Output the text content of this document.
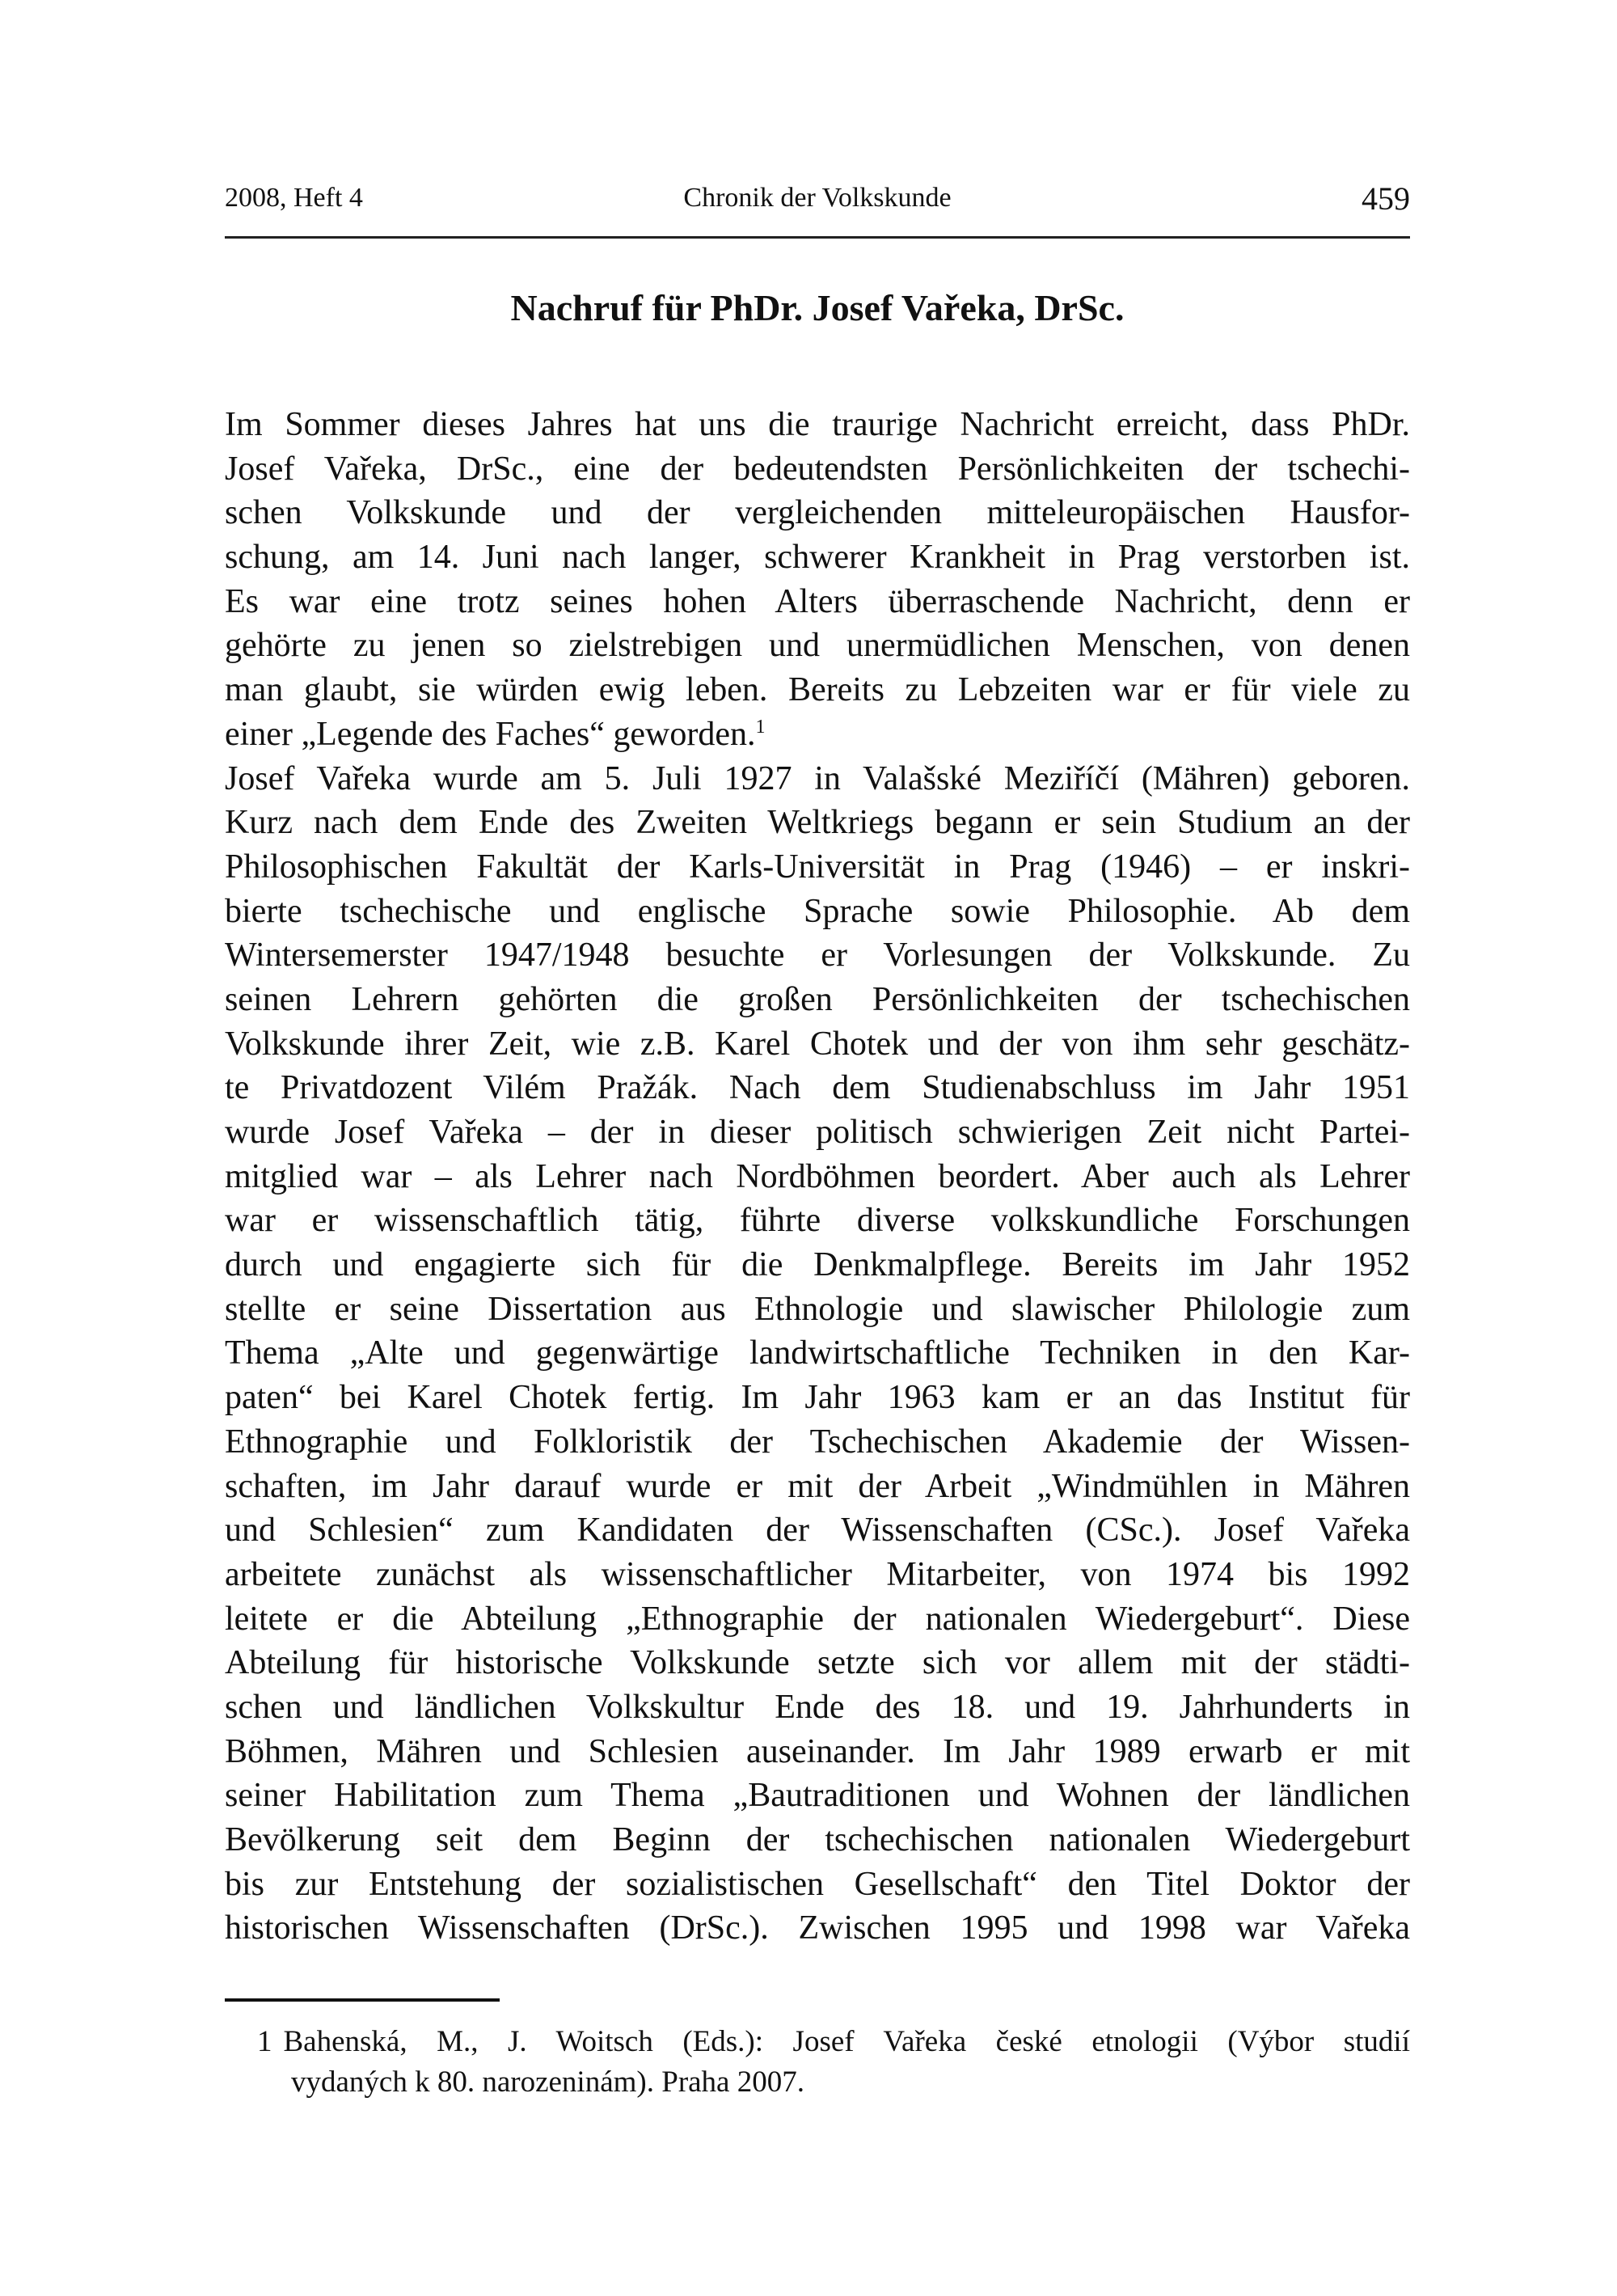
2008, Heft 4	Chronik der Volkskunde	459
Nachruf für PhDr. Josef Vařeka, DrSc.
Im Sommer dieses Jahres hat uns die traurige Nachricht erreicht, dass PhDr.
Josef Vařeka, DrSc., eine der bedeutendsten Persönlichkeiten der tschechi-
schen Volkskunde und der vergleichenden mitteleuropäischen Hausfor-
schung, am 14. Juni nach langer, schwerer Krankheit in Prag verstorben ist.
Es war eine trotz seines hohen Alters überraschende Nachricht, denn er
gehörte zu jenen so zielstrebigen und unermüdlichen Menschen, von denen
man glaubt, sie würden ewig leben. Bereits zu Lebzeiten war er für viele zu
einer „Legende des Faches“ geworden.$^1$
Josef Vařeka wurde am 5. Juli 1927 in Valašské Meziříčí (Mähren) geboren.
Kurz nach dem Ende des Zweiten Weltkriegs begann er sein Studium an der
Philosophischen Fakultät der Karls-Universität in Prag (1946) – er inskri-
bierte tschechische und englische Sprache sowie Philosophie. Ab dem
Wintersemerster 1947/1948 besuchte er Vorlesungen der Volkskunde. Zu
seinen Lehrern gehörten die großen Persönlichkeiten der tschechischen
Volkskunde ihrer Zeit, wie z.B. Karel Chotek und der von ihm sehr geschätz-
te Privatdozent Vilém Pražák. Nach dem Studienabschluss im Jahr 1951
wurde Josef Vařeka – der in dieser politisch schwierigen Zeit nicht Partei-
mitglied war – als Lehrer nach Nordböhmen beordert. Aber auch als Lehrer
war er wissenschaftlich tätig, führte diverse volkskundliche Forschungen
durch und engagierte sich für die Denkmalpflege. Bereits im Jahr 1952
stellte er seine Dissertation aus Ethnologie und slawischer Philologie zum
Thema „Alte und gegenwärtige landwirtschaftliche Techniken in den Kar-
paten“ bei Karel Chotek fertig. Im Jahr 1963 kam er an das Institut für
Ethnographie und Folkloristik der Tschechischen Akademie der Wissen-
schaften, im Jahr darauf wurde er mit der Arbeit „Windmühlen in Mähren
und Schlesien“ zum Kandidaten der Wissenschaften (CSc.). Josef Vařeka
arbeitete zunächst als wissenschaftlicher Mitarbeiter, von 1974 bis 1992
leitete er die Abteilung „Ethnographie der nationalen Wiedergeburt“. Diese
Abteilung für historische Volkskunde setzte sich vor allem mit der städti-
schen und ländlichen Volkskultur Ende des 18. und 19. Jahrhunderts in
Böhmen, Mähren und Schlesien auseinander. Im Jahr 1989 erwarb er mit
seiner Habilitation zum Thema „Bautraditionen und Wohnen der ländlichen
Bevölkerung seit dem Beginn der tschechischen nationalen Wiedergeburt
bis zur Entstehung der sozialistischen Gesellschaft“ den Titel Doktor der
historischen Wissenschaften (DrSc.). Zwischen 1995 und 1998 war Vařeka
1 Bahenská, M., J. Woitsch (Eds.): Josef Vařeka české etnologii (Výbor studií
vydaných k 80. narozeninám). Praha 2007.
